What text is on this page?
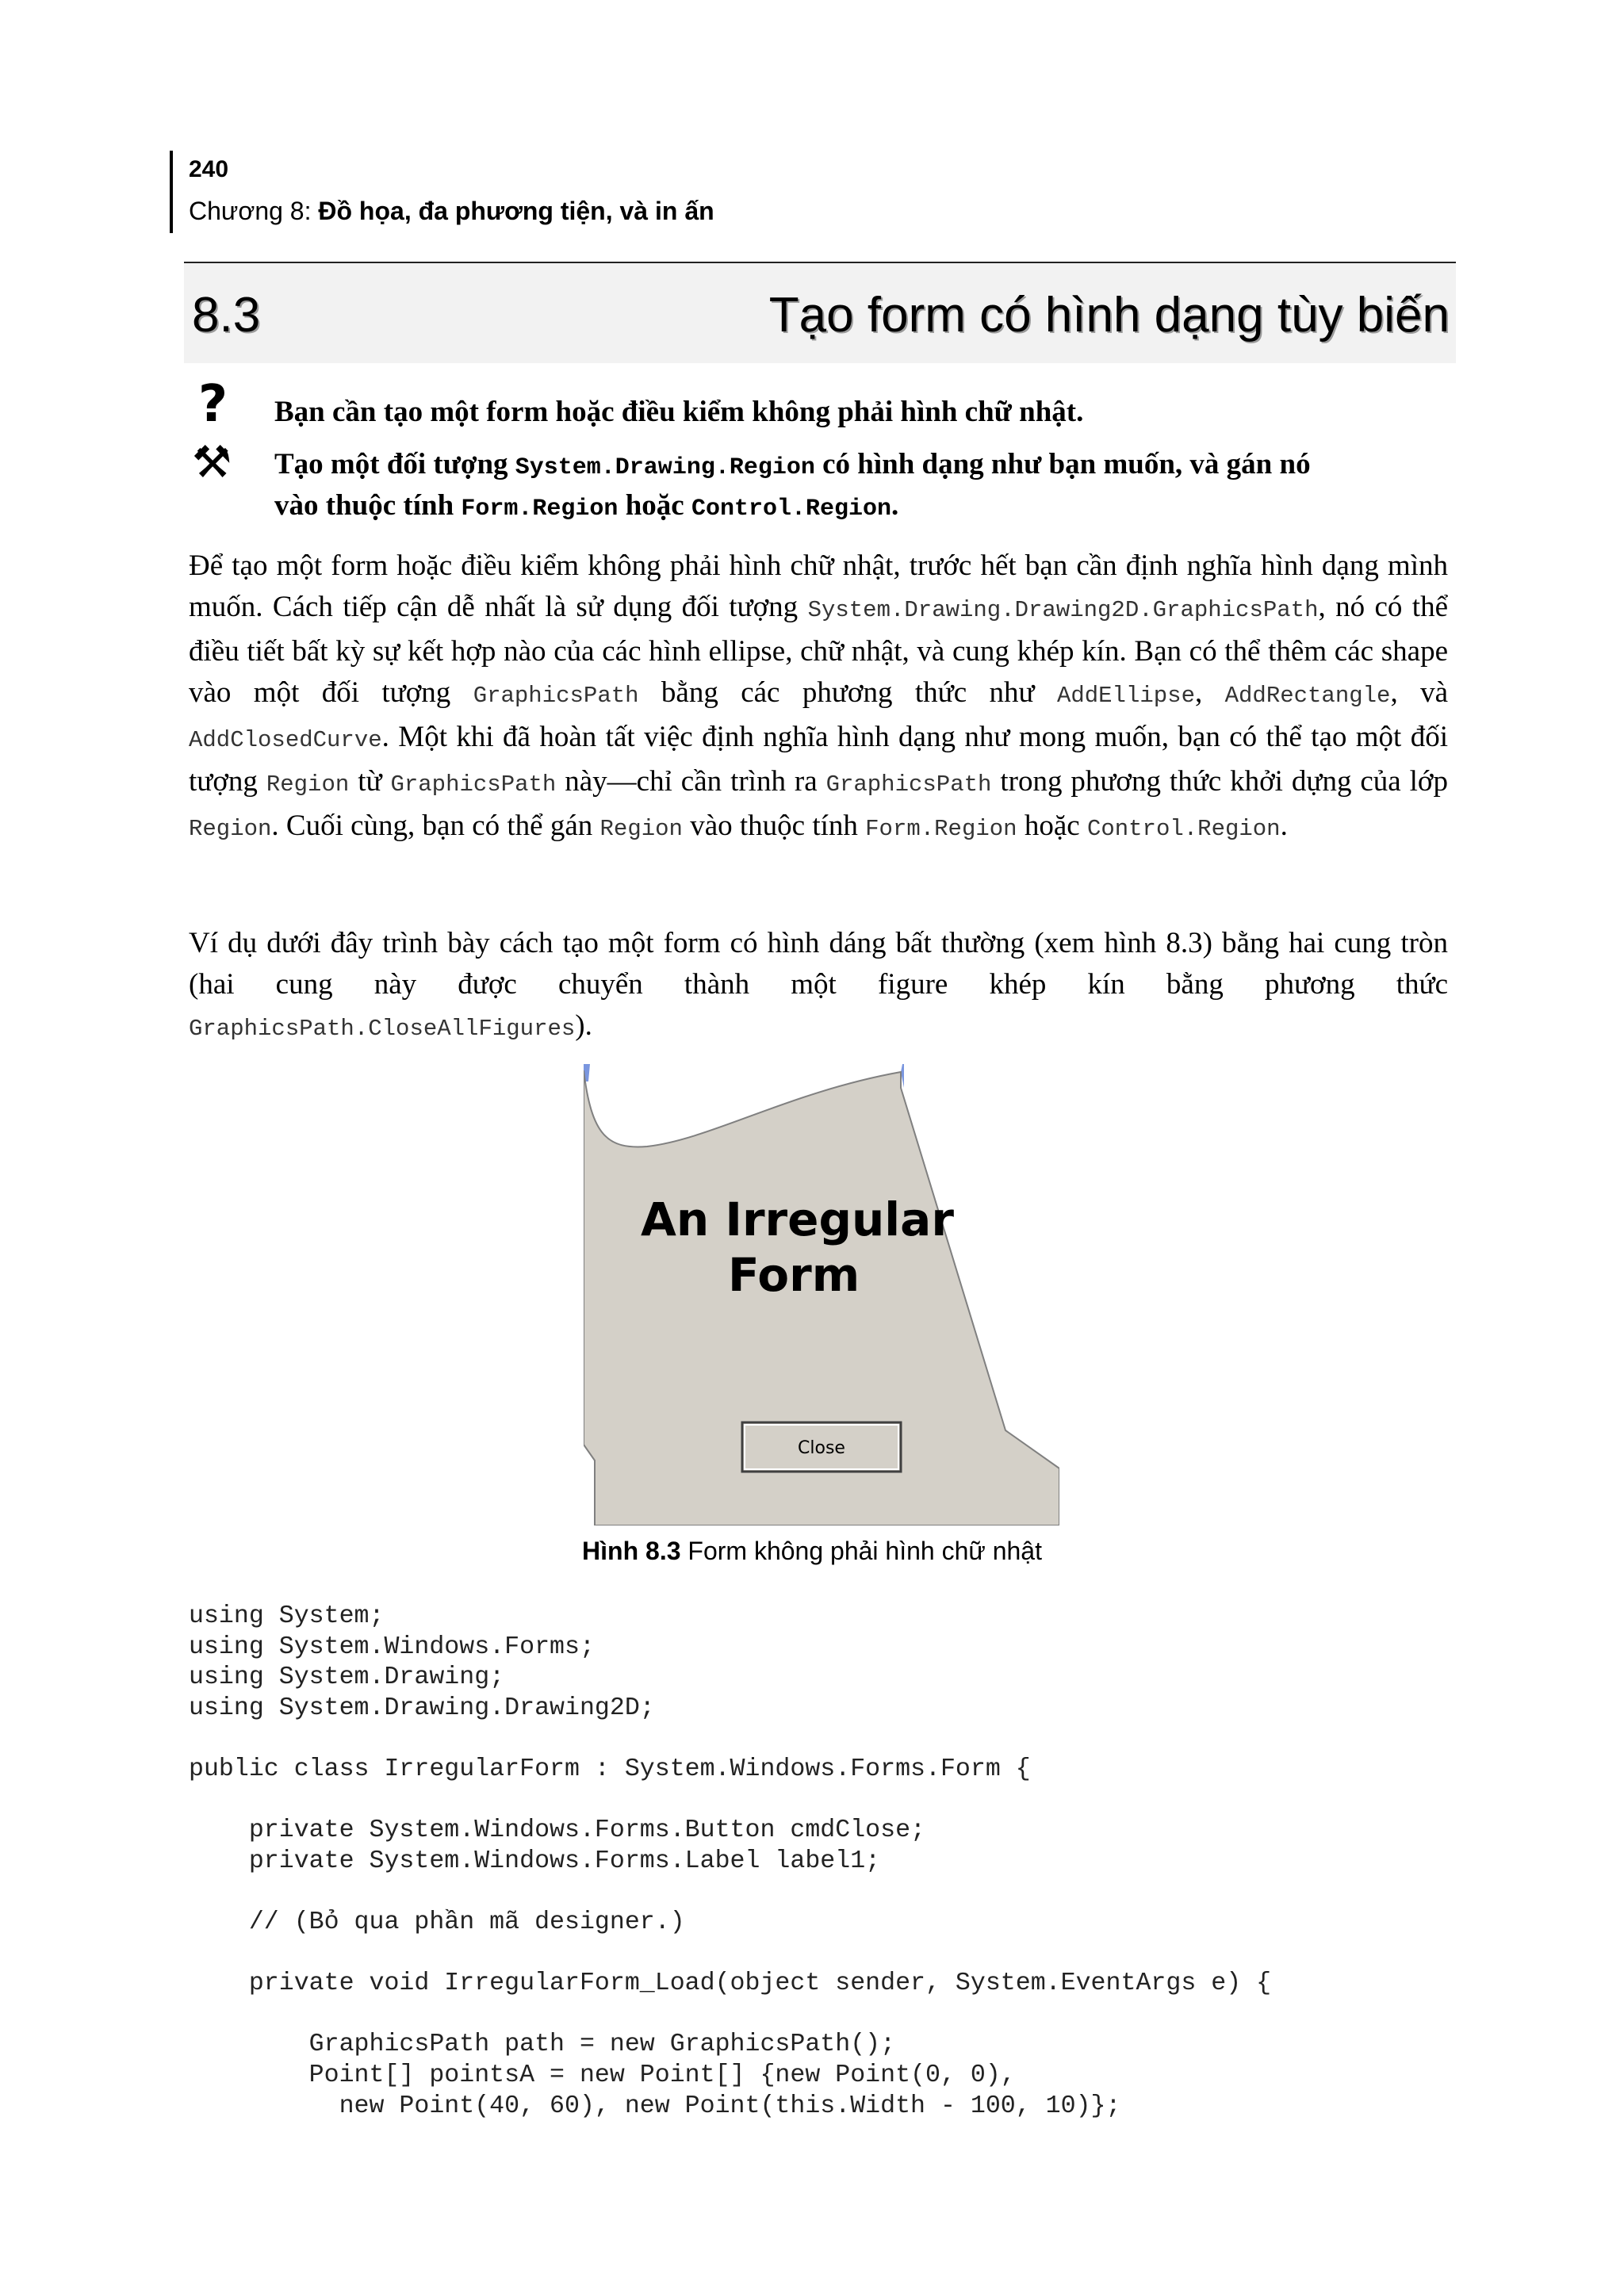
240
Chương 8: Đồ họa, đa phương tiện, và in ấn
8.3	Tạo form có hình dạng tùy biến
? Bạn cần tạo một form hoặc điều kiểm không phải hình chữ nhật.
⚒ Tạo một đối tượng System.Drawing.Region có hình dạng như bạn muốn, và gán nó
vào thuộc tính Form.Region hoặc Control.Region.
Để tạo một form hoặc điều kiểm không phải hình chữ nhật, trước hết bạn cần định nghĩa hình dạng mình muốn. Cách tiếp cận dễ nhất là sử dụng đối tượng System.Drawing.Drawing2D.GraphicsPath, nó có thể điều tiết bất kỳ sự kết hợp nào của các hình ellipse, chữ nhật, và cung khép kín. Bạn có thể thêm các shape vào một đối tượng GraphicsPath bằng các phương thức như AddEllipse, AddRectangle, và AddClosedCurve. Một khi đã hoàn tất việc định nghĩa hình dạng như mong muốn, bạn có thể tạo một đối tượng Region từ GraphicsPath này—chỉ cần trình ra GraphicsPath trong phương thức khởi dựng của lớp Region. Cuối cùng, bạn có thể gán Region vào thuộc tính Form.Region hoặc Control.Region.
Ví dụ dưới đây trình bày cách tạo một form có hình dáng bất thường (xem hình 8.3) bằng hai cung tròn (hai cung này được chuyển thành một figure khép kín bằng phương thức GraphicsPath.CloseAllFigures).
An Irregular
Form
Close
Hình 8.3 Form không phải hình chữ nhật
using System;
using System.Windows.Forms;
using System.Drawing;
using System.Drawing.Drawing2D;

public class IrregularForm : System.Windows.Forms.Form {

private System.Windows.Forms.Button cmdClose;
private System.Windows.Forms.Label label1;

// (Bỏ qua phần mã designer.)

private void IrregularForm_Load(object sender, System.EventArgs e) {

GraphicsPath path = new GraphicsPath();
Point[] pointsA = new Point[] {new Point(0, 0),
new Point(40, 60), new Point(this.Width - 100, 10)};
